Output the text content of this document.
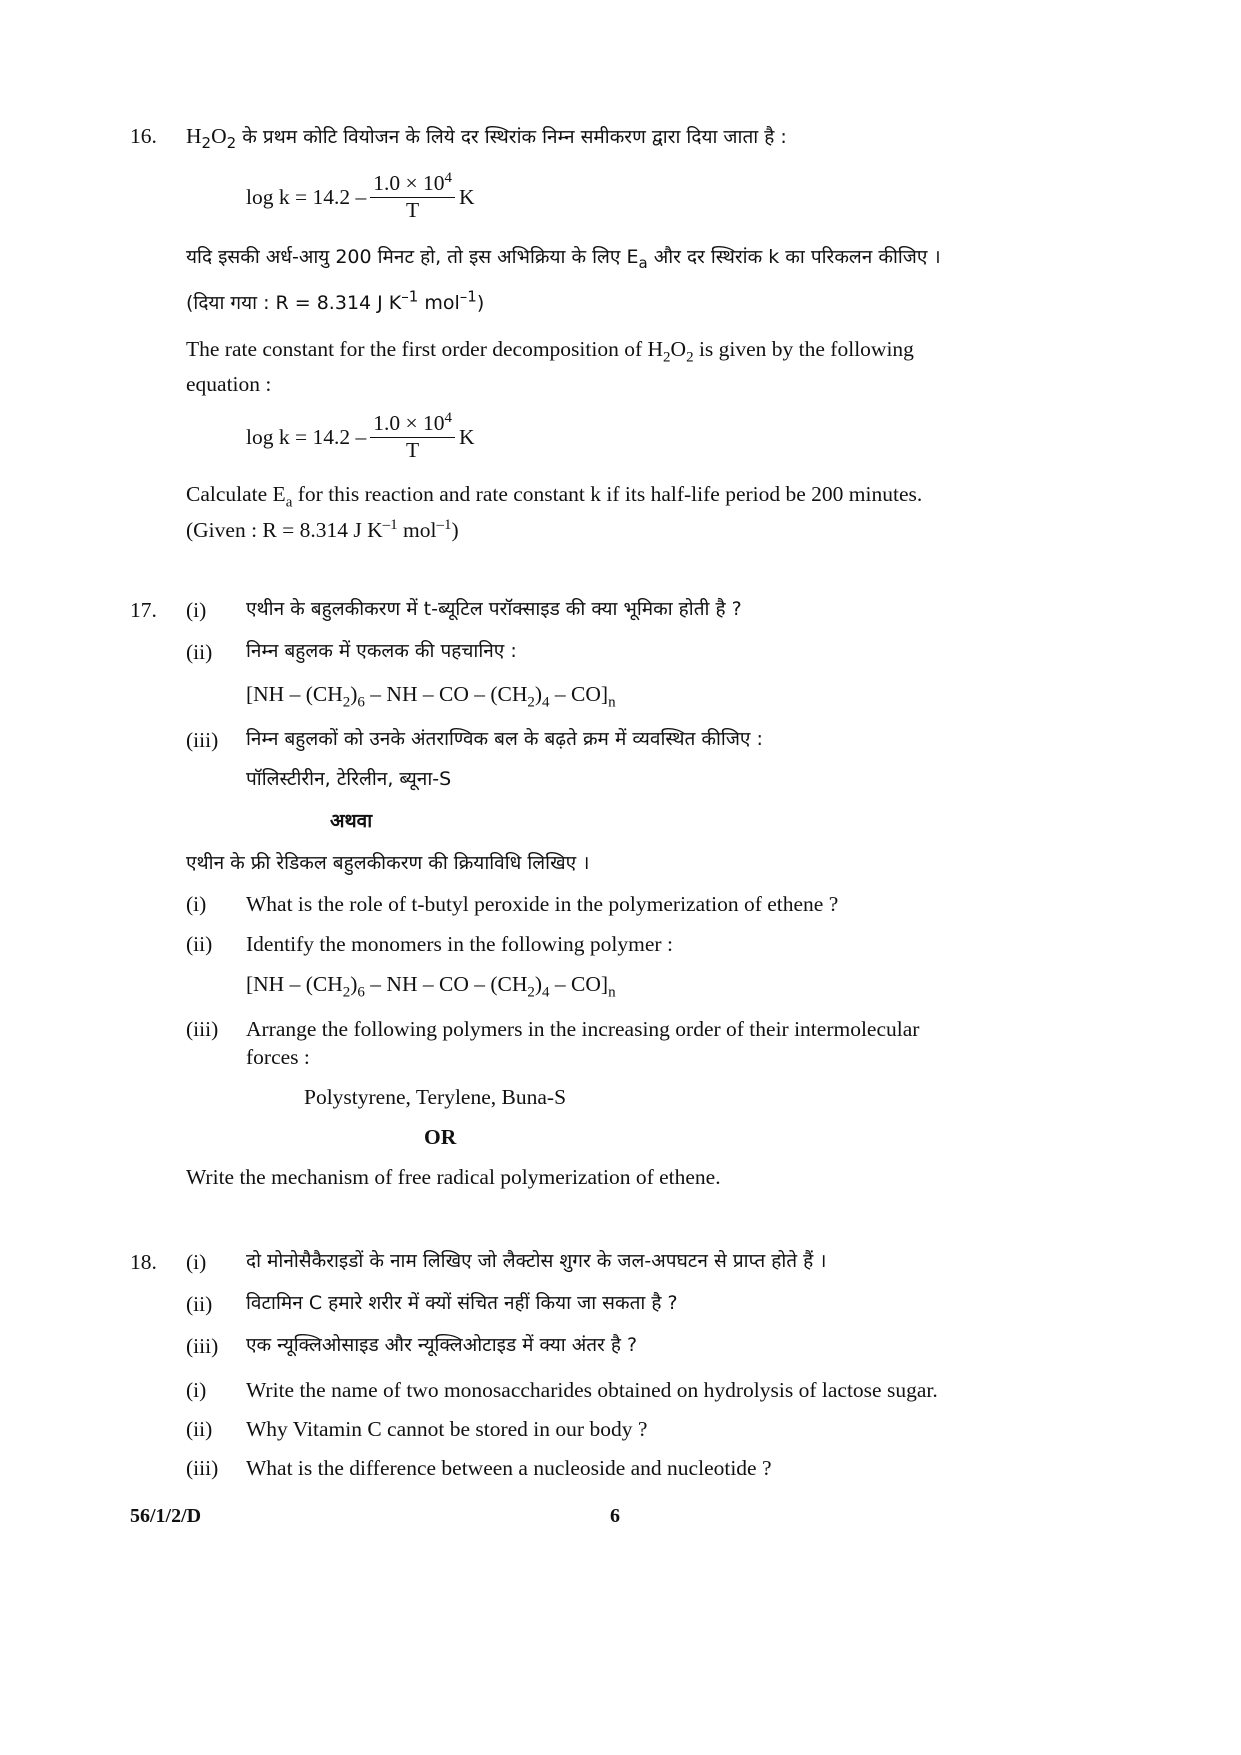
16. $H_2O_2$ के प्रथम कोटि वियोजन के लिये दर स्थिरांक निम्न समीकरण द्वारा दिया जाता है :
$\log k = 14.2 - \frac{1.0 \times 10^4}{T}$ K
यदि इसकी अर्ध-आयु 200 मिनट हो, तो इस अभिक्रिया के लिए $E_a$ और दर स्थिरांक k का परिकलन कीजिए ।
(दिया गया : R = 8.314 J $K^{-1}$ mol$^{-1}$)
The rate constant for the first order decomposition of $H_2O_2$ is given by the following
equation :
$\log k = 14.2 - \frac{1.0 \times 10^4}{T}$ K
Calculate $E_a$ for this reaction and rate constant k if its half-life period be 200 minutes.
(Given : R = 8.314 J $K^{-1}$ mol$^{-1}$)
17. (i) एथीन के बहुलकीकरण में t-ब्यूटिल परॉक्साइड की क्या भूमिका होती है ?
(ii) निम्न बहुलक में एकलक की पहचानिए :
[$NH - (CH_2)_6$ – NH – CO – $(CH_2)_4 - CO]_n$
(iii) निम्न बहुलकों को उनके अंतराण्विक बल के बढ़ते क्रम में व्यवस्थित कीजिए :
पॉलिस्टीरीन, टेरिलीन, ब्यूना-S
अथवा
एथीन के फ्री रेडिकल बहुलकीकरण की क्रियाविधि लिखिए ।
(i) What is the role of t-butyl peroxide in the polymerization of ethene ?
(ii) Identify the monomers in the following polymer :
[$NH - (CH_2)_6$ – NH – CO – $(CH_2)_4 - CO]_n$
(iii) Arrange the following polymers in the increasing order of their intermolecular
forces :
Polystyrene, Terylene, Buna-S
OR
Write the mechanism of free radical polymerization of ethene.
18. (i) दो मोनोसैकैराइडों के नाम लिखिए जो लैक्टोस शुगर के जल-अपघटन से प्राप्त होते हैं ।
(ii) विटामिन C हमारे शरीर में क्यों संचित नहीं किया जा सकता है ?
(iii) एक न्यूक्लिओसाइड और न्यूक्लिओटाइड में क्या अंतर है ?
(i) Write the name of two monosaccharides obtained on hydrolysis of lactose sugar.
(ii) Why Vitamin C cannot be stored in our body ?
(iii) What is the difference between a nucleoside and nucleotide ?
56/1/2/D	6
